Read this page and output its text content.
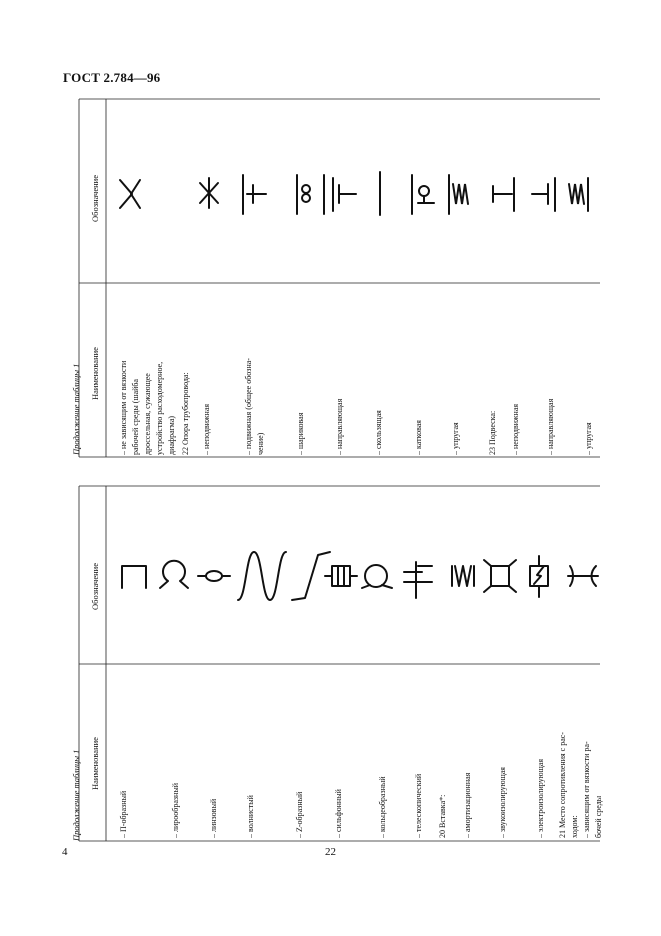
ГОСТ 2.784—96
4	22
Продолжение таблицы 1 Наименование
Обозначение
– не зависящим от вязкости рабочей среды (шайба дроссельная, сужающее устройство расходомерное, диафрагма) 22 Опора трубопровода: – неподвижная	– подвижная (общее обозна- чение)	– шариковая	– направляющая	– скользящая	– катковая	– упругая	23 Подвеска: – неподвижная	– направляющая	– упругая
Продолжение таблицы 1 Наименование
Обозначение
– П-образный	– лирообразный	– линзовый	– волнистый	– Z-образный	– сильфонный	– кольцеобразный	– телескопический 20 Вставка*: – амортизационная	– звукоизолирующая	– электроизолирующая 21 Место сопротивления с рас- ходом: – зависящим от вязкости ра- бочей среды
